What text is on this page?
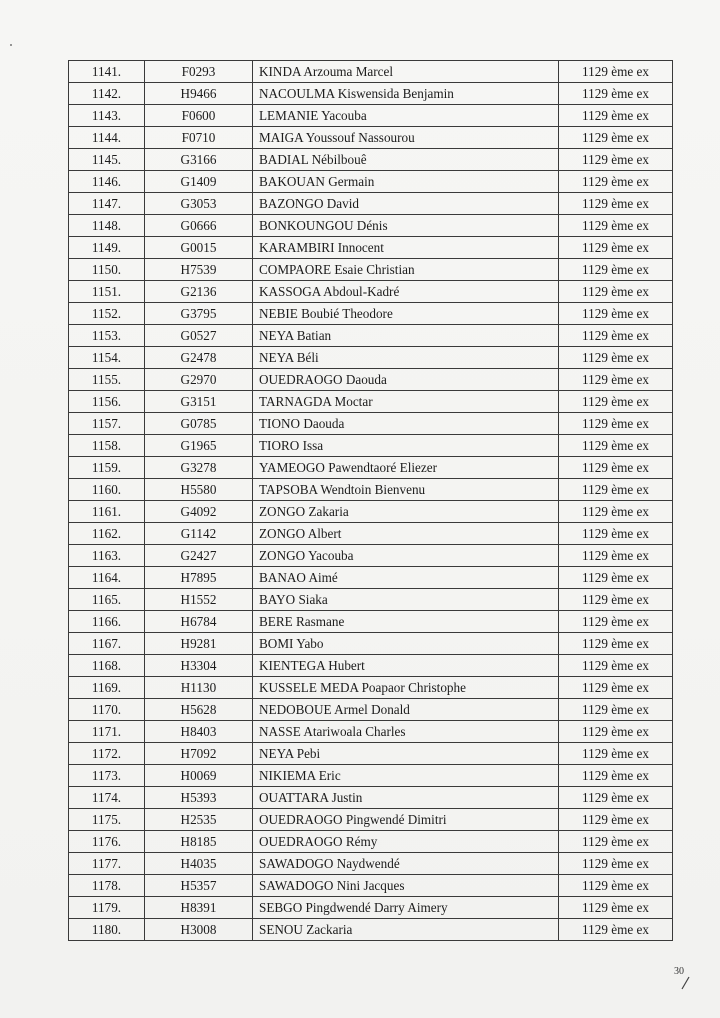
1141.	F0293	KINDA Arzouma Marcel	1129 ème ex
1142.	H9466	NACOULMA Kiswensida Benjamin	1129 ème ex
1143.	F0600	LEMANIE Yacouba	1129 ème ex
1144.	F0710	MAIGA Youssouf Nassourou	1129 ème ex
1145.	G3166	BADIAL Nébilbouê	1129 ème ex
1146.	G1409	BAKOUAN Germain	1129 ème ex
1147.	G3053	BAZONGO David	1129 ème ex
1148.	G0666	BONKOUNGOU Dénis	1129 ème ex
1149.	G0015	KARAMBIRI Innocent	1129 ème ex
1150.	H7539	COMPAORE Esaie Christian	1129 ème ex
1151.	G2136	KASSOGA Abdoul-Kadré	1129 ème ex
1152.	G3795	NEBIE Boubié Theodore	1129 ème ex
1153.	G0527	NEYA Batian	1129 ème ex
1154.	G2478	NEYA Béli	1129 ème ex
1155.	G2970	OUEDRAOGO Daouda	1129 ème ex
1156.	G3151	TARNAGDA Moctar	1129 ème ex
1157.	G0785	TIONO Daouda	1129 ème ex
1158.	G1965	TIORO Issa	1129 ème ex
1159.	G3278	YAMEOGO Pawendtaoré Eliezer	1129 ème ex
1160.	H5580	TAPSOBA Wendtoin Bienvenu	1129 ème ex
1161.	G4092	ZONGO Zakaria	1129 ème ex
1162.	G1142	ZONGO Albert	1129 ème ex
1163.	G2427	ZONGO Yacouba	1129 ème ex
1164.	H7895	BANAO Aimé	1129 ème ex
1165.	H1552	BAYO Siaka	1129 ème ex
1166.	H6784	BERE Rasmane	1129 ème ex
1167.	H9281	BOMI Yabo	1129 ème ex
1168.	H3304	KIENTEGA Hubert	1129 ème ex
1169.	H1130	KUSSELE MEDA Poapaor Christophe	1129 ème ex
1170.	H5628	NEDOBOUE Armel Donald	1129 ème ex
1171.	H8403	NASSE Atariwoala Charles	1129 ème ex
1172.	H7092	NEYA Pebi	1129 ème ex
1173.	H0069	NIKIEMA Eric	1129 ème ex
1174.	H5393	OUATTARA Justin	1129 ème ex
1175.	H2535	OUEDRAOGO Pingwendé Dimitri	1129 ème ex
1176.	H8185	OUEDRAOGO Rémy	1129 ème ex
1177.	H4035	SAWADOGO Naydwendé	1129 ème ex
1178.	H5357	SAWADOGO Nini Jacques	1129 ème ex
1179.	H8391	SEBGO Pingdwendé Darry Aimery	1129 ème ex
1180.	H3008	SENOU Zackaria	1129 ème ex
30
